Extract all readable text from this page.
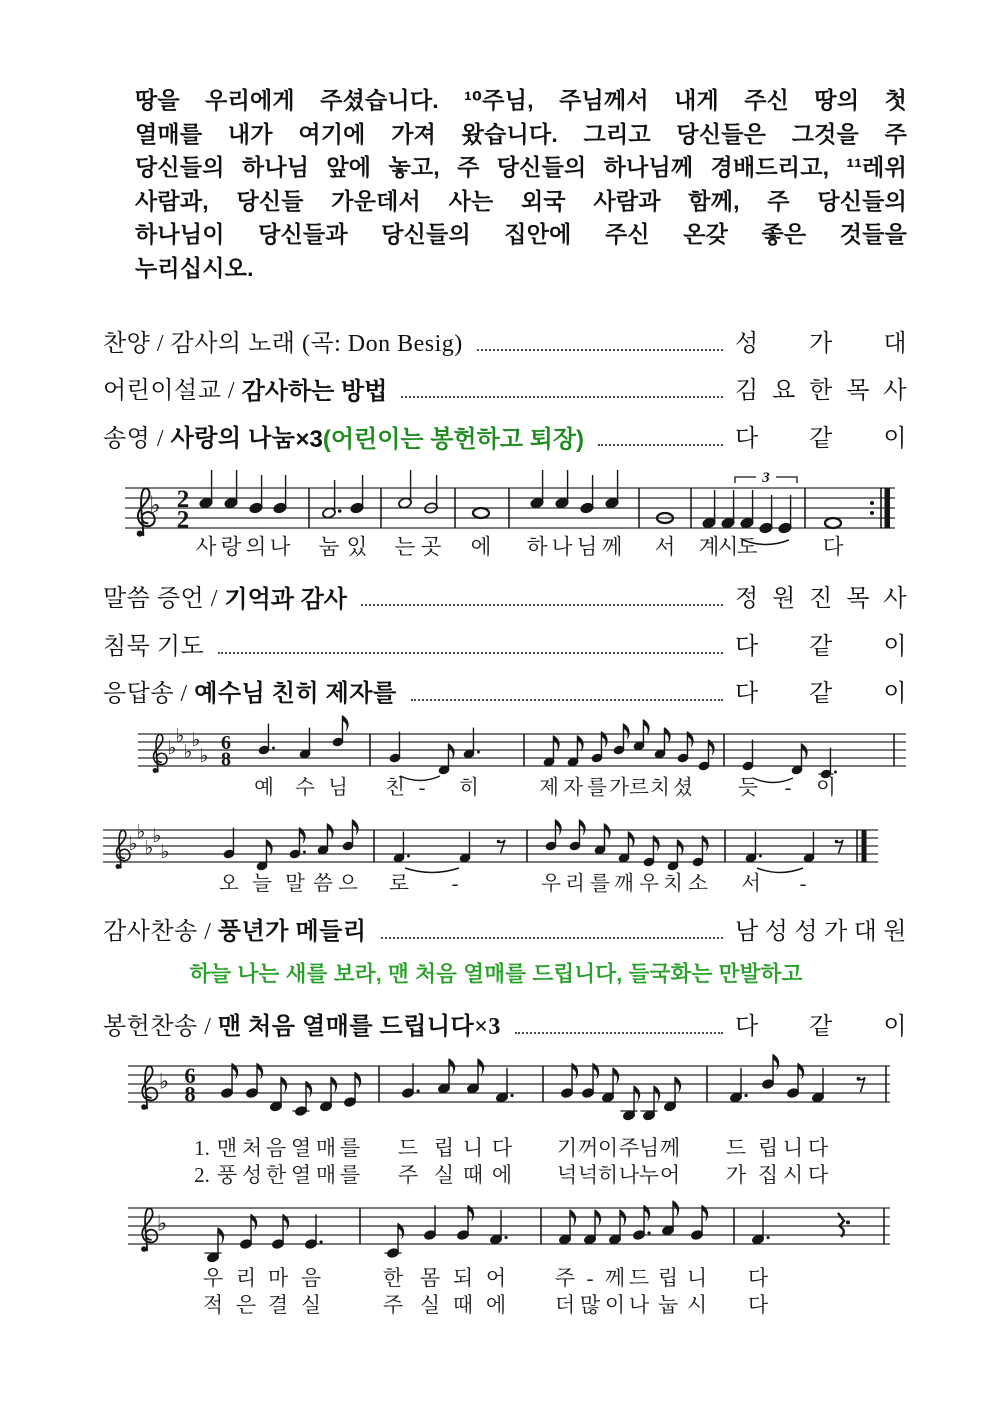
땅을 우리에게 주셨습니다. ¹⁰주님, 주님께서 내게 주신 땅의 첫
열매를 내가 여기에 가져 왔습니다. 그리고 당신들은 그것을 주
당신들의 하나님 앞에 놓고, 주 당신들의 하나님께 경배드리고, ¹¹레위
사람과, 당신들 가운데서 사는 외국 사람과 함께, 주 당신들의
하나님이 당신들과 당신들의 집안에 주신 온갖 좋은 것들을
누리십시오.
찬양 / 감사의 노래 (곡: Don Besig)	성 가 대
어린이설교 / 감사하는 방법	김 요 한 목 사
송영 / 사랑의 나눔 ×3 (어린이는 봉헌하고 퇴장)	다 같 이
말씀 증언 / 기억과 감사	정 원 진 목 사
침묵 기도	다 같 이
응답송 / 예수님 친히 제자를	다 같 이
감사찬송 / 풍년가 메들리	남 성 성 가 대 원
봉헌찬송 / 맨 처음 열매를 드립니다 ×3	다 같 이
하늘 나는 새를 보라, 맨 처음 열매를 드립니다, 들국화는 만발하고
♭ 2
2
3
사 랑 의 나 눔 있 는 곳 에 하 나 님 께 서 계
시
도	다
♭
♭
♭
♭
♭
6
8
예 수 님 친 - 히	제 자 를 가 르 치 셨 듯 - 이
♭
♭
♭
♭
♭
오 늘 말 씀 으 로 -	우 리 를 깨 우 치 소 서 -
♭ 6
8
1. 맨 처 음 열 매 를 드 립 니 다 기 꺼 이 주 님 께 드 립 니 다
2. 풍 성 한 열 매 를 주 실 때 에 넉 넉 히 나 누 어 가 집 시 다
♭
우 리 마 음	한 몸 되 어 주 - 께 드 립 니 다
적 은 결 실	주 실 때 에 더 많 이 나 눕 시 다
